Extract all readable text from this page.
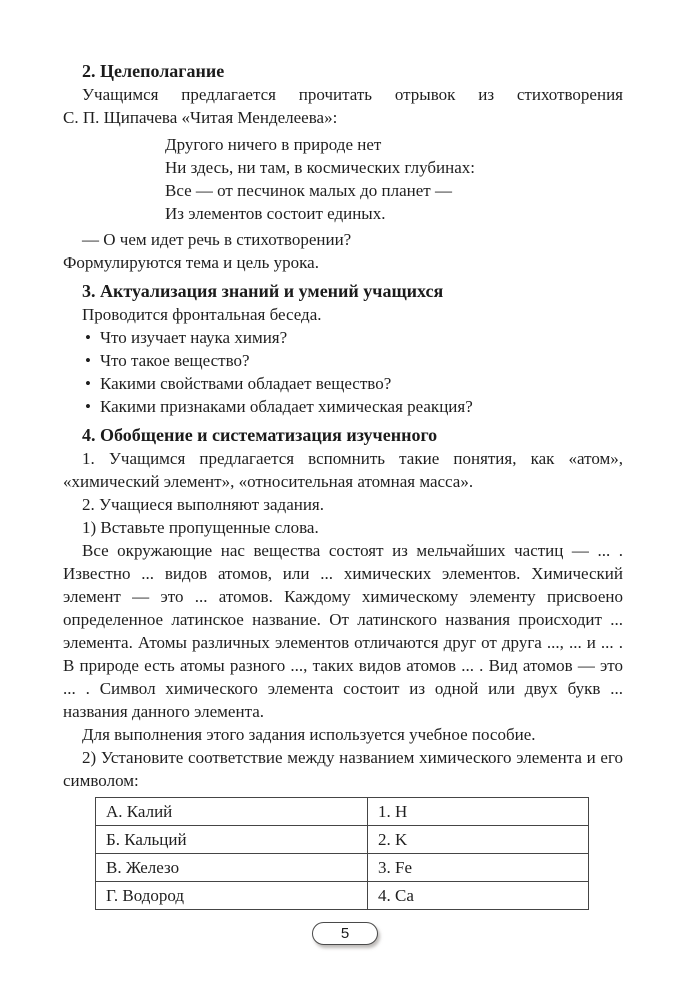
2. Целеполагание

Учащимся предлагается прочитать отрывок из стихотворения С. П. Щипачева «Читая Менделеева»:

Другого ничего в природе нет
Ни здесь, ни там, в космических глубинах:
Все — от песчинок малых до планет —
Из элементов состоит единых.

— О чем идет речь в стихотворении?

Формулируются тема и цель урока.

3. Актуализация знаний и умений учащихся

Проводится фронтальная беседа.

•
Что изучает наука химия?
•
Что такое вещество?
•
Какими свойствами обладает вещество?
•
Какими признаками обладает химическая реакция?
4. Обобщение и систематизация изученного

1. Учащимся предлагается вспомнить такие понятия, как «атом», «химический элемент», «относительная атомная масса».

2. Учащиеся выполняют задания.

1) Вставьте пропущенные слова.

Все окружающие нас вещества состоят из мельчайших частиц — ... . Известно ... видов атомов, или ... химических элементов. Химический элемент — это ... атомов. Каждому химическому элементу присвоено определенное латинское название. От латинского названия происходит ... элемента. Атомы различных элементов отличаются друг от друга ..., ... и ... . В природе есть атомы разного ..., таких видов атомов ... . Вид атомов — это ... . Символ химического элемента состоит из одной или двух букв ... названия данного элемента.

Для выполнения этого задания используется учебное пособие.

2) Установите соответствие между названием химического элемента и его символом:

А. Калий	1. H
Б. Кальций	2. K
В. Железо	3. Fe
Г. Водород	4. Ca
5
